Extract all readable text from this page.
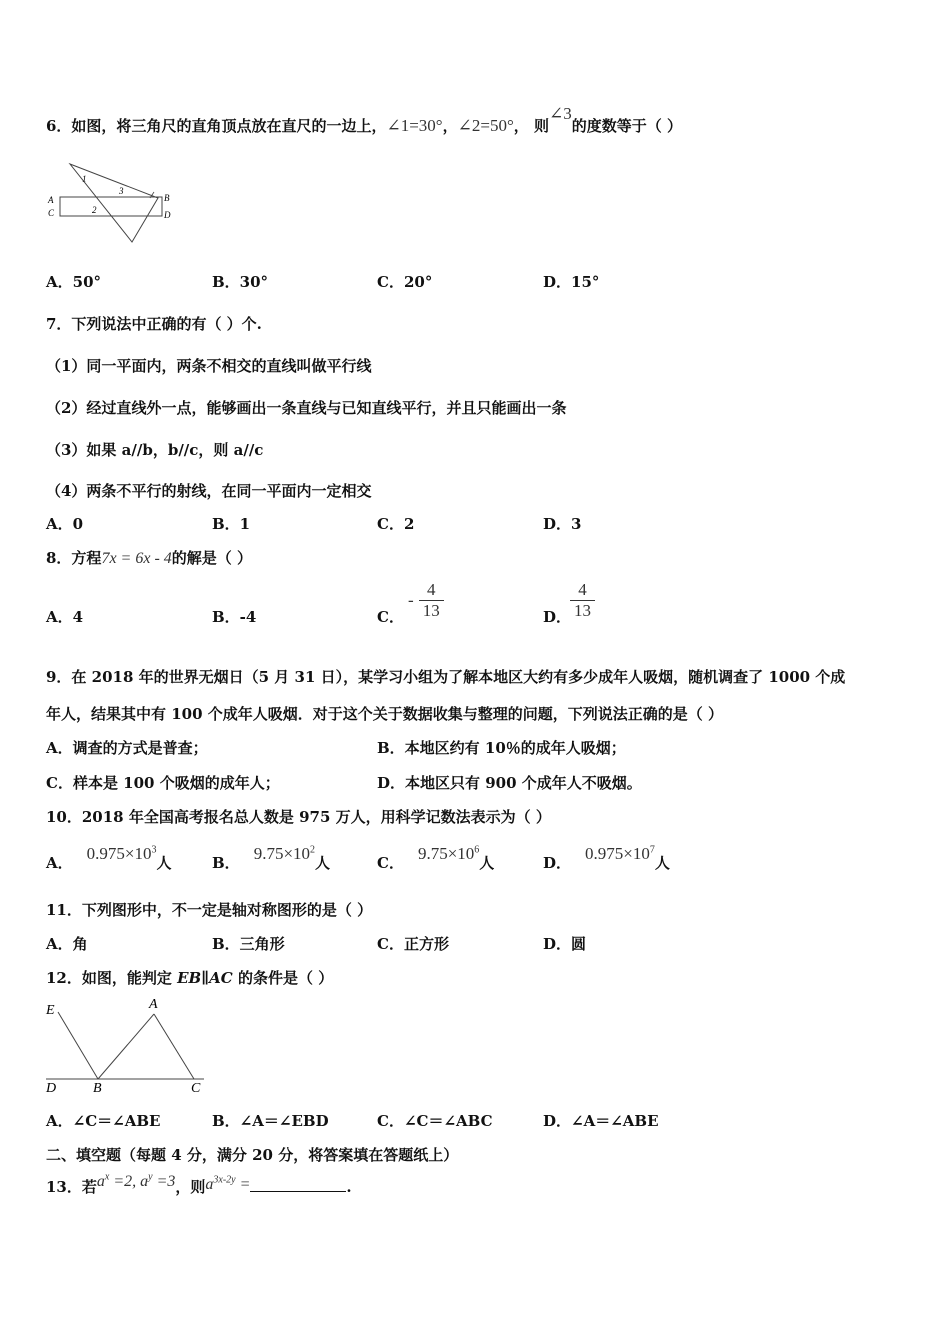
6．如图，将三角尺的直角顶点放在直尺的一边上，∠1=30°，∠2=50°， 则∠3的度数等于（ ）
A
C
1
2
3
B
D
A．50°	B．30°	C．20°	D．15°
7．下列说法中正确的有（ ）个.
（1）同一平面内，两条不相交的直线叫做平行线
（2）经过直线外一点，能够画出一条直线与已知直线平行，并且只能画出一条
（3）如果 a//b，b//c，则 a//c
（4）两条不平行的射线，在同一平面内一定相交
A．0	B．1	C．2	D．3
8．方程7x = 6x - 4的解是（ ）
A．4	B．-4	C．
- $\frac{4}{13}$	D．
$\frac{4}{13}$
9．在 2018 年的世界无烟日（5 月 31 日），某学习小组为了解本地区大约有多少成年人吸烟，随机调查了 1000 个成
年人，结果其中有 100 个成年人吸烟．对于这个关于数据收集与整理的问题，下列说法正确的是（ ）
A．调查的方式是普查；	B．本地区约有 10％的成年人吸烟；
C．样本是 100 个吸烟的成年人；	D．本地区只有 900 个成年人不吸烟。
10．2018 年全国高考报名总人数是 975 万人，用科学记数法表示为（ ）
A． $0.975\times 10^3$人	B． $9.75\times 10^2$人	C． $9.75\times 10^6$人	D． $0.975\times 10^7$人
11．下列图形中，不一定是轴对称图形的是（ ）
A．角	B．三角形	C．正方形	D．圆
12．如图，能判定 EB∥AC 的条件是（ ）
E	A
D	B	C
A．∠C＝∠ABE	B．∠A＝∠EBD	C．∠C＝∠ABC	D．∠A＝∠ABE
二、填空题（每题 4 分，满分 20 分，将答案填在答题纸上）
13．若$a^x =2$, $a^y =3$，则$a^{3x-2y}$ =	.
